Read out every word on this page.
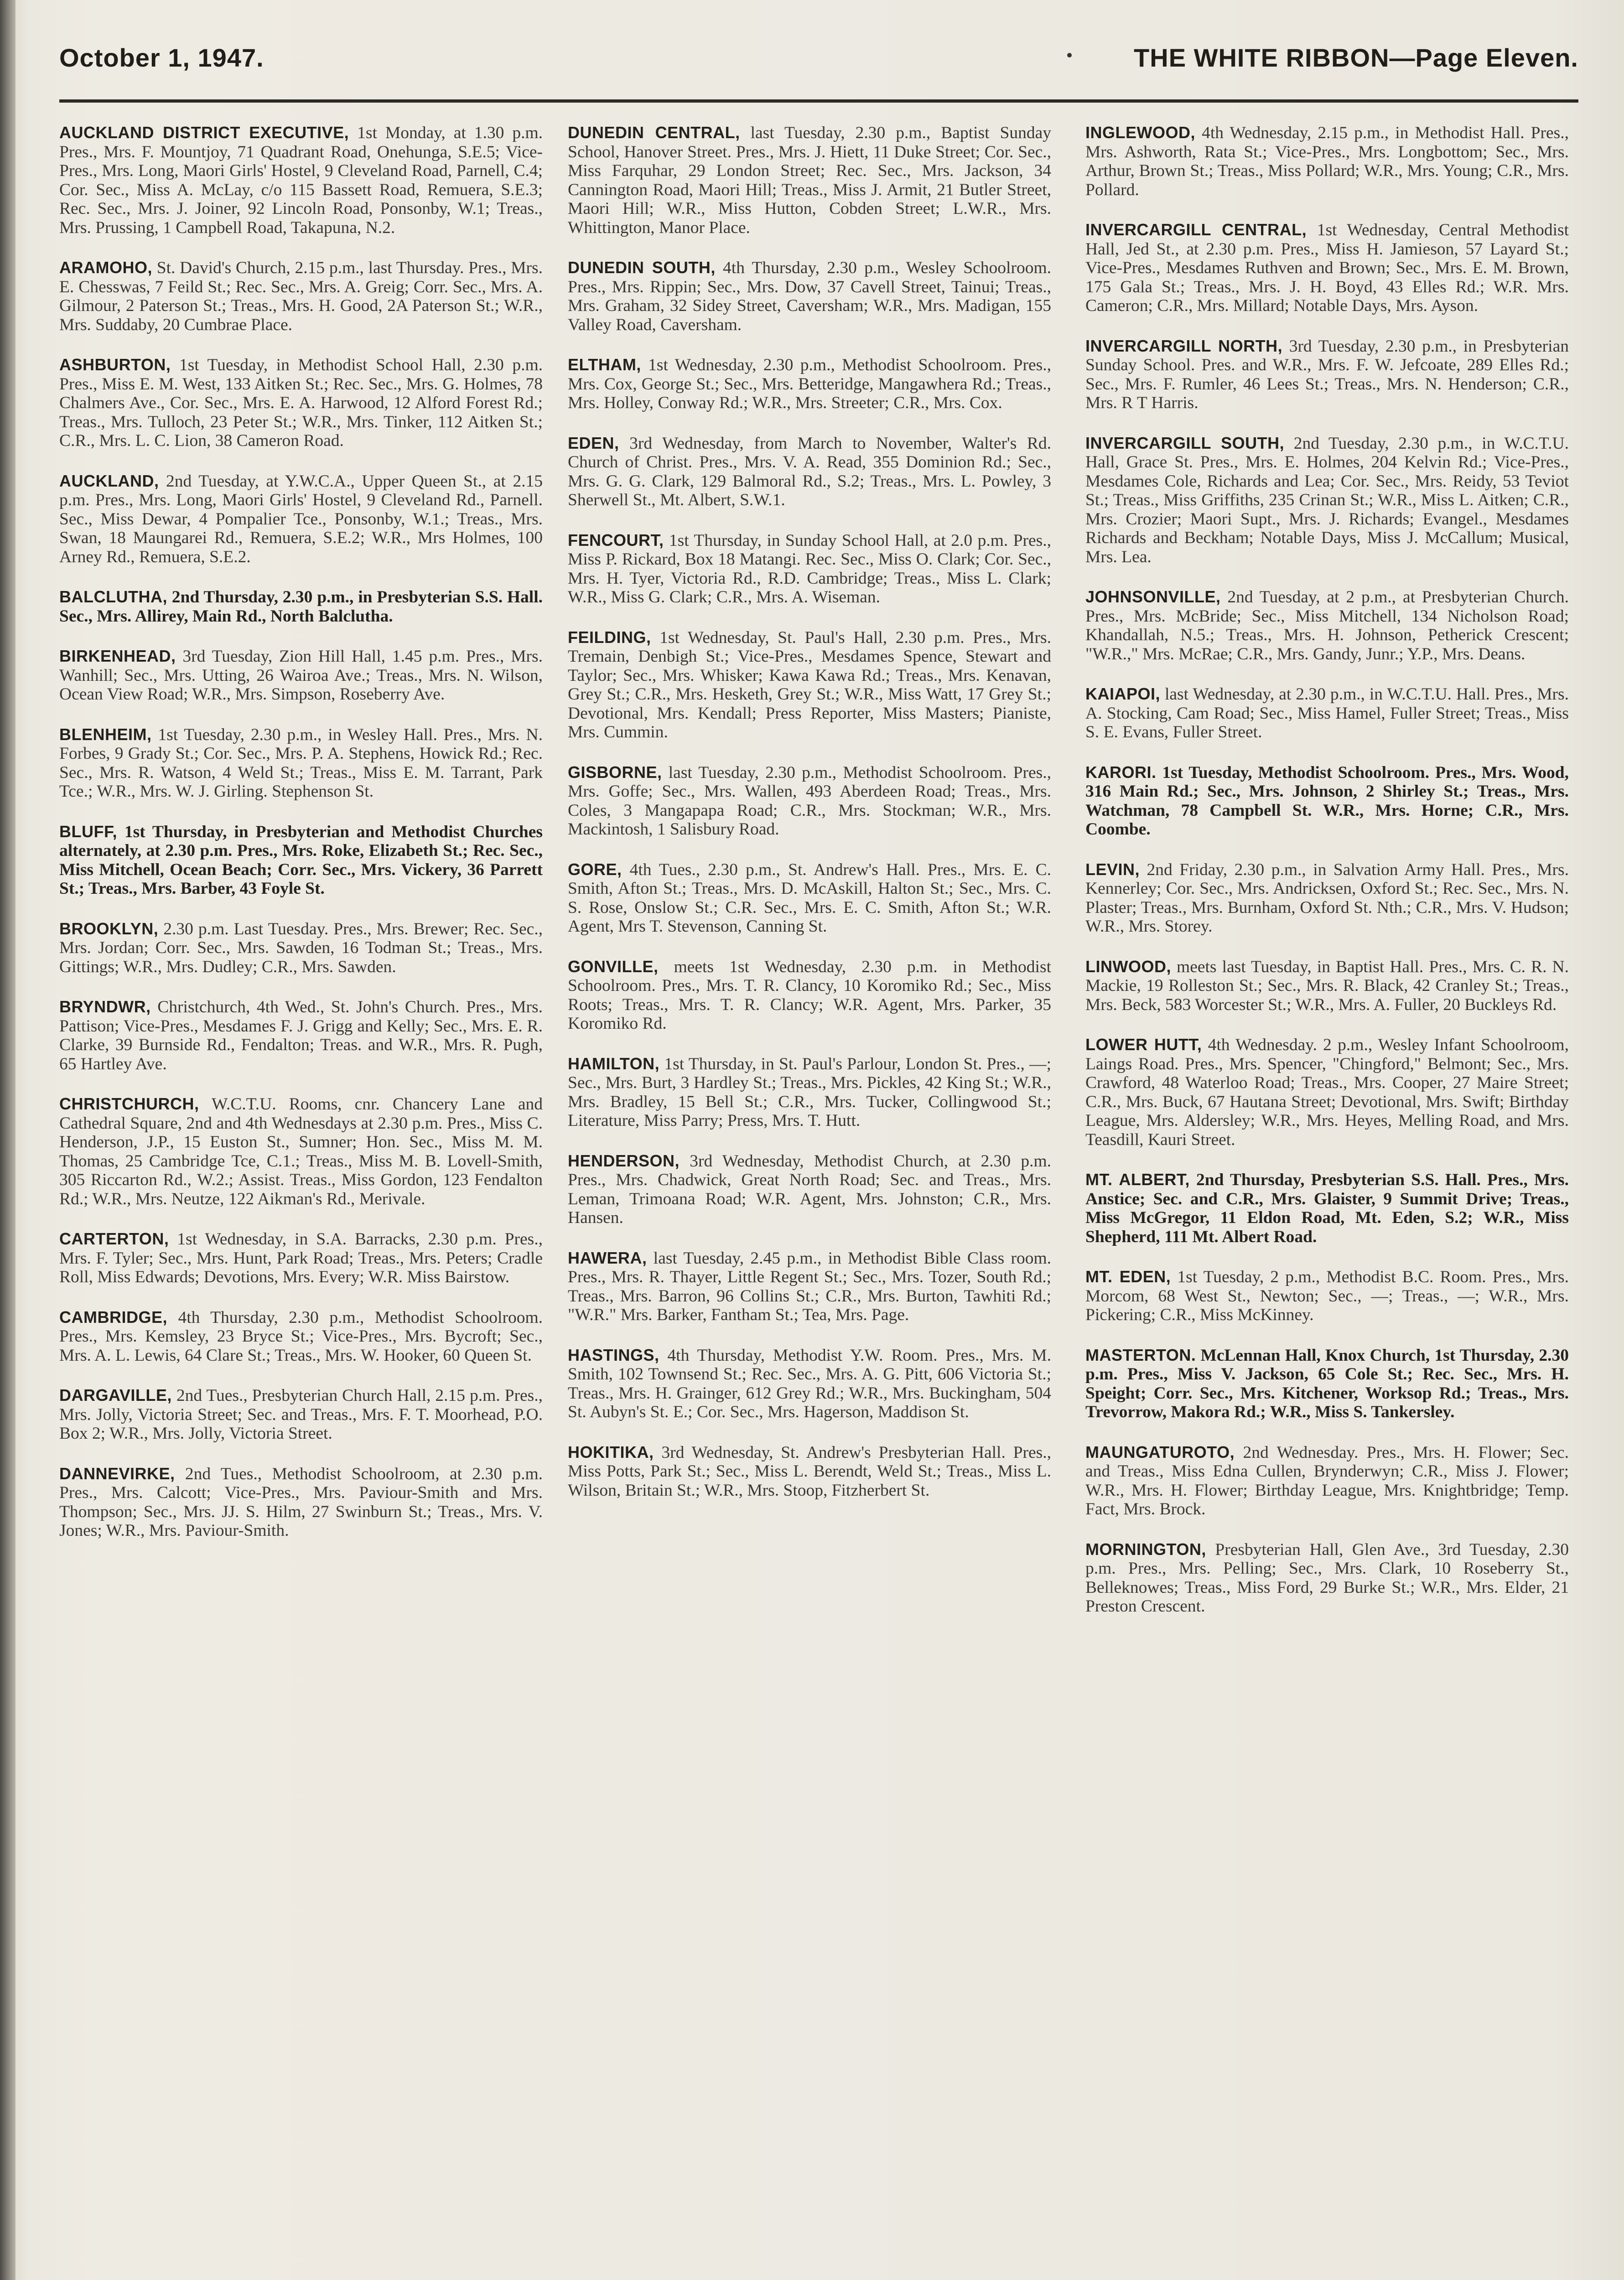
October 1, 1947.	THE WHITE RIBBON—Page Eleven.

AUCKLAND DISTRICT EXECUTIVE, 1st Monday, at 1.30 p.m. Pres., Mrs. F. Mountjoy, 71 Quadrant Road, Onehunga, S.E.5; Vice-Pres., Mrs. Long, Maori Girls' Hostel, 9 Cleveland Road, Parnell, C.4; Cor. Sec., Miss A. McLay, c/o 115 Bassett Road, Remuera, S.E.3; Rec. Sec., Mrs. J. Joiner, 92 Lincoln Road, Ponsonby, W.1; Treas., Mrs. Prussing, 1 Campbell Road, Takapuna, N.2.

ARAMOHO, St. David's Church, 2.15 p.m., last Thursday. Pres., Mrs. E. Chesswas, 7 Feild St.; Rec. Sec., Mrs. A. Greig; Corr. Sec., Mrs. A. Gilmour, 2 Paterson St.; Treas., Mrs. H. Good, 2A Paterson St.; W.R., Mrs. Suddaby, 20 Cumbrae Place.

ASHBURTON, 1st Tuesday, in Methodist School Hall, 2.30 p.m. Pres., Miss E. M. West, 133 Aitken St.; Rec. Sec., Mrs. G. Holmes, 78 Chalmers Ave., Cor. Sec., Mrs. E. A. Harwood, 12 Alford Forest Rd.; Treas., Mrs. Tulloch, 23 Peter St.; W.R., Mrs. Tinker, 112 Aitken St.; C.R., Mrs. L. C. Lion, 38 Cameron Road.

AUCKLAND, 2nd Tuesday, at Y.W.C.A., Upper Queen St., at 2.15 p.m. Pres., Mrs. Long, Maori Girls' Hostel, 9 Cleveland Rd., Parnell. Sec., Miss Dewar, 4 Pompalier Tce., Ponsonby, W.1.; Treas., Mrs. Swan, 18 Maungarei Rd., Remuera, S.E.2; W.R., Mrs Holmes, 100 Arney Rd., Remuera, S.E.2.

BALCLUTHA, 2nd Thursday, 2.30 p.m., in Presbyterian S.S. Hall. Sec., Mrs. Allirey, Main Rd., North Balclutha.

BIRKENHEAD, 3rd Tuesday, Zion Hill Hall, 1.45 p.m. Pres., Mrs. Wanhill; Sec., Mrs. Utting, 26 Wairoa Ave.; Treas., Mrs. N. Wilson, Ocean View Road; W.R., Mrs. Simpson, Roseberry Ave.

BLENHEIM, 1st Tuesday, 2.30 p.m., in Wesley Hall. Pres., Mrs. N. Forbes, 9 Grady St.; Cor. Sec., Mrs. P. A. Stephens, Howick Rd.; Rec. Sec., Mrs. R. Watson, 4 Weld St.; Treas., Miss E. M. Tarrant, Park Tce.; W.R., Mrs. W. J. Girling. Stephenson St.

BLUFF, 1st Thursday, in Presbyterian and Methodist Churches alternately, at 2.30 p.m. Pres., Mrs. Roke, Elizabeth St.; Rec. Sec., Miss Mitchell, Ocean Beach; Corr. Sec., Mrs. Vickery, 36 Parrett St.; Treas., Mrs. Barber, 43 Foyle St.

BROOKLYN, 2.30 p.m. Last Tuesday. Pres., Mrs. Brewer; Rec. Sec., Mrs. Jordan; Corr. Sec., Mrs. Sawden, 16 Todman St.; Treas., Mrs. Gittings; W.R., Mrs. Dudley; C.R., Mrs. Sawden.

BRYNDWR, Christchurch, 4th Wed., St. John's Church. Pres., Mrs. Pattison; Vice-Pres., Mesdames F. J. Grigg and Kelly; Sec., Mrs. E. R. Clarke, 39 Burnside Rd., Fendalton; Treas. and W.R., Mrs. R. Pugh, 65 Hartley Ave.

CHRISTCHURCH, W.C.T.U. Rooms, cnr. Chancery Lane and Cathedral Square, 2nd and 4th Wednesdays at 2.30 p.m. Pres., Miss C. Henderson, J.P., 15 Euston St., Sumner; Hon. Sec., Miss M. M. Thomas, 25 Cambridge Tce, C.1.; Treas., Miss M. B. Lovell-Smith, 305 Riccarton Rd., W.2.; Assist. Treas., Miss Gordon, 123 Fendalton Rd.; W.R., Mrs. Neutze, 122 Aikman's Rd., Merivale.

CARTERTON, 1st Wednesday, in S.A. Barracks, 2.30 p.m. Pres., Mrs. F. Tyler; Sec., Mrs. Hunt, Park Road; Treas., Mrs. Peters; Cradle Roll, Miss Edwards; Devotions, Mrs. Every; W.R. Miss Bairstow.

CAMBRIDGE, 4th Thursday, 2.30 p.m., Methodist Schoolroom. Pres., Mrs. Kemsley, 23 Bryce St.; Vice-Pres., Mrs. Bycroft; Sec., Mrs. A. L. Lewis, 64 Clare St.; Treas., Mrs. W. Hooker, 60 Queen St.

DARGAVILLE, 2nd Tues., Presbyterian Church Hall, 2.15 p.m. Pres., Mrs. Jolly, Victoria Street; Sec. and Treas., Mrs. F. T. Moorhead, P.O. Box 2; W.R., Mrs. Jolly, Victoria Street.

DANNEVIRKE, 2nd Tues., Methodist Schoolroom, at 2.30 p.m. Pres., Mrs. Calcott; Vice-Pres., Mrs. Paviour-Smith and Mrs. Thompson; Sec., Mrs. JJ. S. Hilm, 27 Swinburn St.; Treas., Mrs. V. Jones; W.R., Mrs. Paviour-Smith.

DUNEDIN CENTRAL, last Tuesday, 2.30 p.m., Baptist Sunday School, Hanover Street. Pres., Mrs. J. Hiett, 11 Duke Street; Cor. Sec., Miss Farquhar, 29 London Street; Rec. Sec., Mrs. Jackson, 34 Cannington Road, Maori Hill; Treas., Miss J. Armit, 21 Butler Street, Maori Hill; W.R., Miss Hutton, Cobden Street; L.W.R., Mrs. Whittington, Manor Place.

DUNEDIN SOUTH, 4th Thursday, 2.30 p.m., Wesley Schoolroom. Pres., Mrs. Rippin; Sec., Mrs. Dow, 37 Cavell Street, Tainui; Treas., Mrs. Graham, 32 Sidey Street, Caversham; W.R., Mrs. Madigan, 155 Valley Road, Caversham.

ELTHAM, 1st Wednesday, 2.30 p.m., Methodist Schoolroom. Pres., Mrs. Cox, George St.; Sec., Mrs. Betteridge, Mangawhera Rd.; Treas., Mrs. Holley, Conway Rd.; W.R., Mrs. Streeter; C.R., Mrs. Cox.

EDEN, 3rd Wednesday, from March to November, Walter's Rd. Church of Christ. Pres., Mrs. V. A. Read, 355 Dominion Rd.; Sec., Mrs. G. G. Clark, 129 Balmoral Rd., S.2; Treas., Mrs. L. Powley, 3 Sherwell St., Mt. Albert, S.W.1.

FENCOURT, 1st Thursday, in Sunday School Hall, at 2.0 p.m. Pres., Miss P. Rickard, Box 18 Matangi. Rec. Sec., Miss O. Clark; Cor. Sec., Mrs. H. Tyer, Victoria Rd., R.D. Cambridge; Treas., Miss L. Clark; W.R., Miss G. Clark; C.R., Mrs. A. Wiseman.

FEILDING, 1st Wednesday, St. Paul's Hall, 2.30 p.m. Pres., Mrs. Tremain, Denbigh St.; Vice-Pres., Mesdames Spence, Stewart and Taylor; Sec., Mrs. Whisker; Kawa Kawa Rd.; Treas., Mrs. Kenavan, Grey St.; C.R., Mrs. Hesketh, Grey St.; W.R., Miss Watt, 17 Grey St.; Devotional, Mrs. Kendall; Press Reporter, Miss Masters; Pianiste, Mrs. Cummin.

GISBORNE, last Tuesday, 2.30 p.m., Methodist Schoolroom. Pres., Mrs. Goffe; Sec., Mrs. Wallen, 493 Aberdeen Road; Treas., Mrs. Coles, 3 Mangapapa Road; C.R., Mrs. Stockman; W.R., Mrs. Mackintosh, 1 Salisbury Road.

GORE, 4th Tues., 2.30 p.m., St. Andrew's Hall. Pres., Mrs. E. C. Smith, Afton St.; Treas., Mrs. D. McAskill, Halton St.; Sec., Mrs. C. S. Rose, Onslow St.; C.R. Sec., Mrs. E. C. Smith, Afton St.; W.R. Agent, Mrs T. Stevenson, Canning St.

GONVILLE, meets 1st Wednesday, 2.30 p.m. in Methodist Schoolroom. Pres., Mrs. T. R. Clancy, 10 Koromiko Rd.; Sec., Miss Roots; Treas., Mrs. T. R. Clancy; W.R. Agent, Mrs. Parker, 35 Koromiko Rd.

HAMILTON, 1st Thursday, in St. Paul's Parlour, London St. Pres., —; Sec., Mrs. Burt, 3 Hardley St.; Treas., Mrs. Pickles, 42 King St.; W.R., Mrs. Bradley, 15 Bell St.; C.R., Mrs. Tucker, Collingwood St.; Literature, Miss Parry; Press, Mrs. T. Hutt.

HENDERSON, 3rd Wednesday, Methodist Church, at 2.30 p.m. Pres., Mrs. Chadwick, Great North Road; Sec. and Treas., Mrs. Leman, Trimoana Road; W.R. Agent, Mrs. Johnston; C.R., Mrs. Hansen.

HAWERA, last Tuesday, 2.45 p.m., in Methodist Bible Class room. Pres., Mrs. R. Thayer, Little Regent St.; Sec., Mrs. Tozer, South Rd.; Treas., Mrs. Barron, 96 Collins St.; C.R., Mrs. Burton, Tawhiti Rd.; "W.R." Mrs. Barker, Fantham St.; Tea, Mrs. Page.

HASTINGS, 4th Thursday, Methodist Y.W. Room. Pres., Mrs. M. Smith, 102 Townsend St.; Rec. Sec., Mrs. A. G. Pitt, 606 Victoria St.; Treas., Mrs. H. Grainger, 612 Grey Rd.; W.R., Mrs. Buckingham, 504 St. Aubyn's St. E.; Cor. Sec., Mrs. Hagerson, Maddison St.

HOKITIKA, 3rd Wednesday, St. Andrew's Presbyterian Hall. Pres., Miss Potts, Park St.; Sec., Miss L. Berendt, Weld St.; Treas., Miss L. Wilson, Britain St.; W.R., Mrs. Stoop, Fitzherbert St.

INGLEWOOD, 4th Wednesday, 2.15 p.m., in Methodist Hall. Pres., Mrs. Ashworth, Rata St.; Vice-Pres., Mrs. Longbottom; Sec., Mrs. Arthur, Brown St.; Treas., Miss Pollard; W.R., Mrs. Young; C.R., Mrs. Pollard.

INVERCARGILL CENTRAL, 1st Wednesday, Central Methodist Hall, Jed St., at 2.30 p.m. Pres., Miss H. Jamieson, 57 Layard St.; Vice-Pres., Mesdames Ruthven and Brown; Sec., Mrs. E. M. Brown, 175 Gala St.; Treas., Mrs. J. H. Boyd, 43 Elles Rd.; W.R. Mrs. Cameron; C.R., Mrs. Millard; Notable Days, Mrs. Ayson.

INVERCARGILL NORTH, 3rd Tuesday, 2.30 p.m., in Presbyterian Sunday School. Pres. and W.R., Mrs. F. W. Jefcoate, 289 Elles Rd.; Sec., Mrs. F. Rumler, 46 Lees St.; Treas., Mrs. N. Henderson; C.R., Mrs. R T Harris.

INVERCARGILL SOUTH, 2nd Tuesday, 2.30 p.m., in W.C.T.U. Hall, Grace St. Pres., Mrs. E. Holmes, 204 Kelvin Rd.; Vice-Pres., Mesdames Cole, Richards and Lea; Cor. Sec., Mrs. Reidy, 53 Teviot St.; Treas., Miss Griffiths, 235 Crinan St.; W.R., Miss L. Aitken; C.R., Mrs. Crozier; Maori Supt., Mrs. J. Richards; Evangel., Mesdames Richards and Beckham; Notable Days, Miss J. McCallum; Musical, Mrs. Lea.

JOHNSONVILLE, 2nd Tuesday, at 2 p.m., at Presbyterian Church. Pres., Mrs. McBride; Sec., Miss Mitchell, 134 Nicholson Road; Khandallah, N.5.; Treas., Mrs. H. Johnson, Petherick Crescent; "W.R.," Mrs. McRae; C.R., Mrs. Gandy, Junr.; Y.P., Mrs. Deans.

KAIAPOI, last Wednesday, at 2.30 p.m., in W.C.T.U. Hall. Pres., Mrs. A. Stocking, Cam Road; Sec., Miss Hamel, Fuller Street; Treas., Miss S. E. Evans, Fuller Street.

KARORI. 1st Tuesday, Methodist Schoolroom. Pres., Mrs. Wood, 316 Main Rd.; Sec., Mrs. Johnson, 2 Shirley St.; Treas., Mrs. Watchman, 78 Campbell St. W.R., Mrs. Horne; C.R., Mrs. Coombe.

LEVIN, 2nd Friday, 2.30 p.m., in Salvation Army Hall. Pres., Mrs. Kennerley; Cor. Sec., Mrs. Andricksen, Oxford St.; Rec. Sec., Mrs. N. Plaster; Treas., Mrs. Burnham, Oxford St. Nth.; C.R., Mrs. V. Hudson; W.R., Mrs. Storey.

LINWOOD, meets last Tuesday, in Baptist Hall. Pres., Mrs. C. R. N. Mackie, 19 Rolleston St.; Sec., Mrs. R. Black, 42 Cranley St.; Treas., Mrs. Beck, 583 Worcester St.; W.R., Mrs. A. Fuller, 20 Buckleys Rd.

LOWER HUTT, 4th Wednesday. 2 p.m., Wesley Infant Schoolroom, Laings Road. Pres., Mrs. Spencer, "Chingford," Belmont; Sec., Mrs. Crawford, 48 Waterloo Road; Treas., Mrs. Cooper, 27 Maire Street; C.R., Mrs. Buck, 67 Hautana Street; Devotional, Mrs. Swift; Birthday League, Mrs. Aldersley; W.R., Mrs. Heyes, Melling Road, and Mrs. Teasdill, Kauri Street.

MT. ALBERT, 2nd Thursday, Presbyterian S.S. Hall. Pres., Mrs. Anstice; Sec. and C.R., Mrs. Glaister, 9 Summit Drive; Treas., Miss McGregor, 11 Eldon Road, Mt. Eden, S.2; W.R., Miss Shepherd, 111 Mt. Albert Road.

MT. EDEN, 1st Tuesday, 2 p.m., Methodist B.C. Room. Pres., Mrs. Morcom, 68 West St., Newton; Sec., —; Treas., —; W.R., Mrs. Pickering; C.R., Miss McKinney.

MASTERTON. McLennan Hall, Knox Church, 1st Thursday, 2.30 p.m. Pres., Miss V. Jackson, 65 Cole St.; Rec. Sec., Mrs. H. Speight; Corr. Sec., Mrs. Kitchener, Worksop Rd.; Treas., Mrs. Trevorrow, Makora Rd.; W.R., Miss S. Tankersley.

MAUNGATUROTO, 2nd Wednesday. Pres., Mrs. H. Flower; Sec. and Treas., Miss Edna Cullen, Brynderwyn; C.R., Miss J. Flower; W.R., Mrs. H. Flower; Birthday League, Mrs. Knightbridge; Temp. Fact, Mrs. Brock.

MORNINGTON, Presbyterian Hall, Glen Ave., 3rd Tuesday, 2.30 p.m. Pres., Mrs. Pelling; Sec., Mrs. Clark, 10 Roseberry St., Belleknowes; Treas., Miss Ford, 29 Burke St.; W.R., Mrs. Elder, 21 Preston Crescent.
